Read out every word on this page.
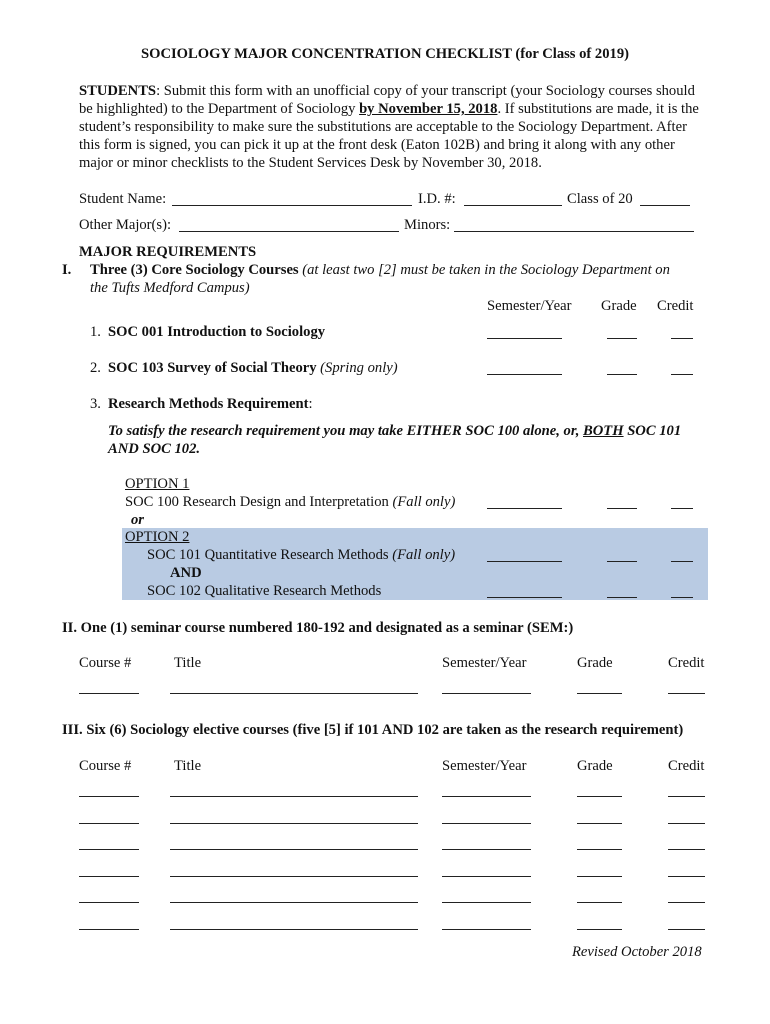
SOCIOLOGY MAJOR CONCENTRATION CHECKLIST (for Class of 2019)
STUDENTS: Submit this form with an unofficial copy of your transcript (your Sociology courses should be highlighted) to the Department of Sociology by November 15, 2018. If substitutions are made, it is the student’s responsibility to make sure the substitutions are acceptable to the Sociology Department. After this form is signed, you can pick it up at the front desk (Eaton 102B) and bring it along with any other major or minor checklists to the Student Services Desk by November 30, 2018.
Student Name:	I.D. #:	Class of 20
Other Major(s):	Minors:
MAJOR REQUIREMENTS
I. Three (3) Core Sociology Courses (at least two [2] must be taken in the Sociology Department on
the Tufts Medford Campus)
Semester/Year Grade Credit
1. SOC 001 Introduction to Sociology
2. SOC 103 Survey of Social Theory (Spring only)
3. Research Methods Requirement:
To satisfy the research requirement you may take EITHER SOC 100 alone, or, BOTH SOC 101
AND SOC 102.
OPTION 1
SOC 100 Research Design and Interpretation (Fall only)
or
OPTION 2
SOC 101 Quantitative Research Methods (Fall only)
AND
SOC 102 Qualitative Research Methods
II. One (1) seminar course numbered 180-192 and designated as a seminar (SEM:)
Course #	Title	Semester/Year	Grade	Credit
III. Six (6) Sociology elective courses (five [5] if 101 AND 102 are taken as the research requirement)
Course #	Title	Semester/Year	Grade	Credit
Revised October 2018
